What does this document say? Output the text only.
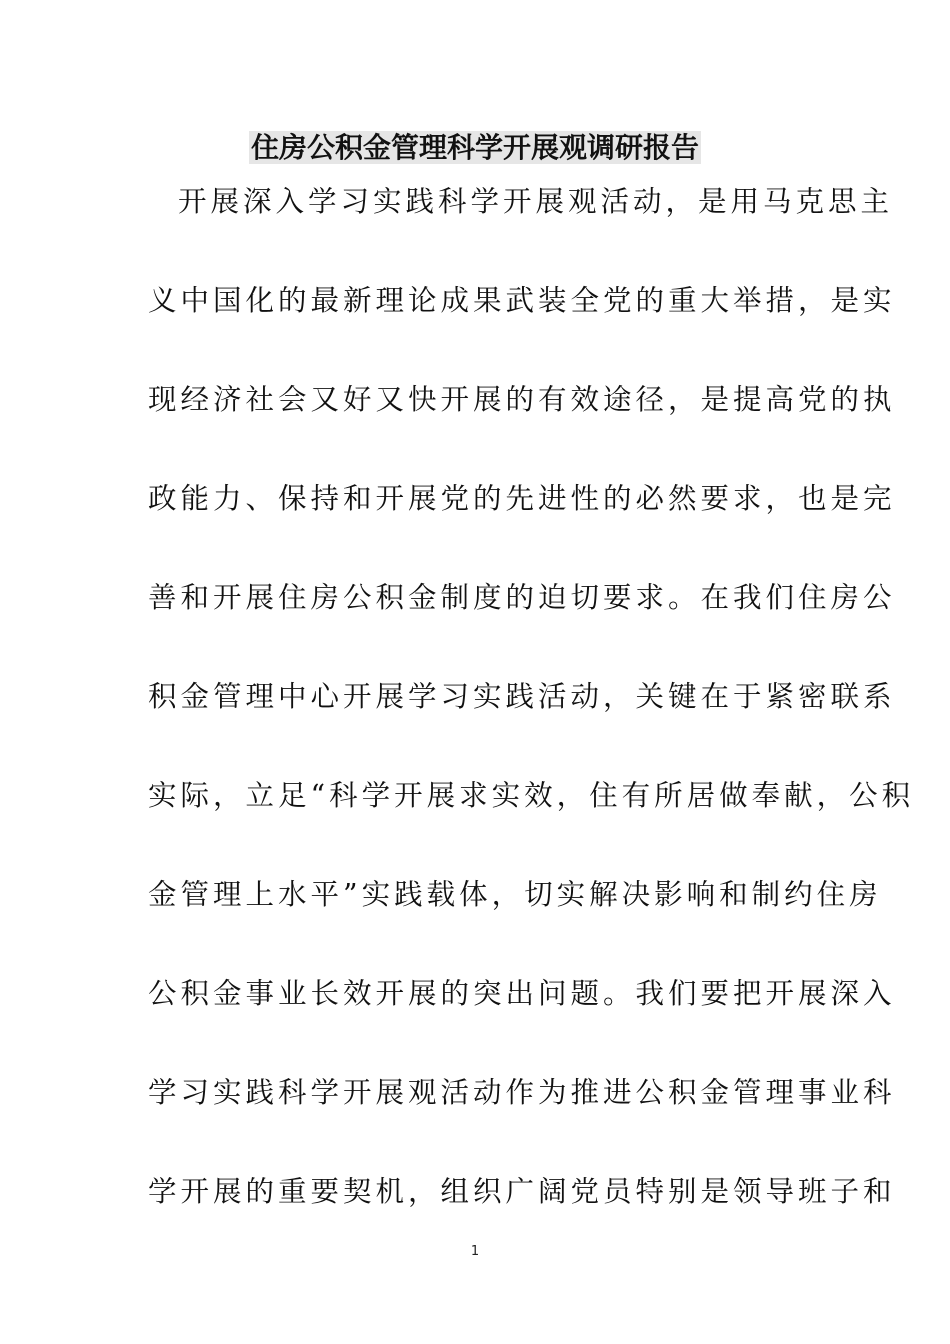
住房公积金管理科学开展观调研报告
开展深入学习实践科学开展观活动，是用马克思主
义中国化的最新理论成果武装全党的重大举措，是实
现经济社会又好又快开展的有效途径，是提高党的执
政能力、保持和开展党的先进性的必然要求，也是完
善和开展住房公积金制度的迫切要求。在我们住房公
积金管理中心开展学习实践活动，关键在于紧密联系
实际，立足“科学开展求实效，住有所居做奉献，公积
金管理上水平”实践载体，切实解决影响和制约住房
公积金事业长效开展的突出问题。我们要把开展深入
学习实践科学开展观活动作为推进公积金管理事业科
学开展的重要契机，组织广阔党员特别是领导班子和
1
